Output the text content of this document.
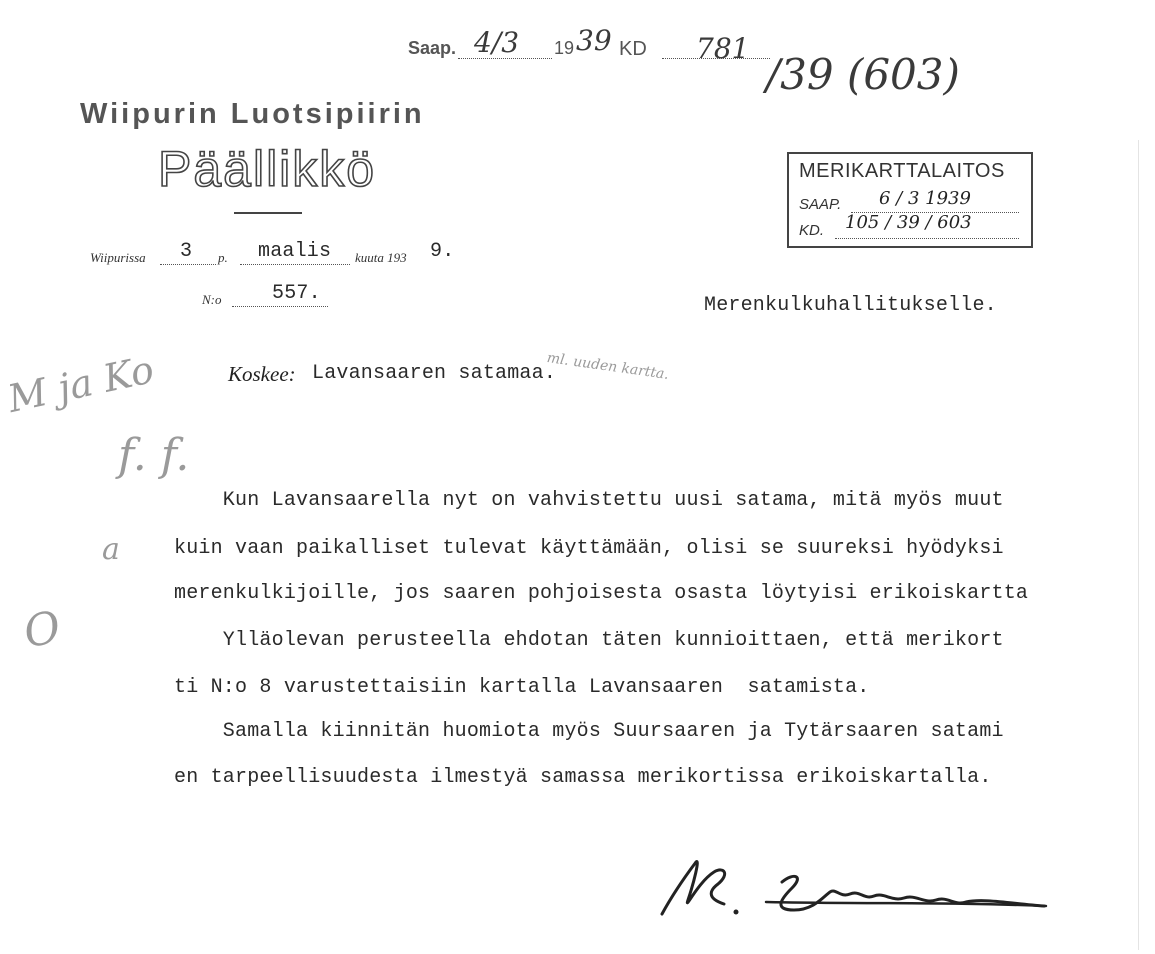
Saap. 4/3 19 39 KD 781
/39 (603)
Wiipurin Luotsipiirin
Päällikkö	MERIKARTTALAITOS
SAAP. 6 / 3 1939
KD. 105 / 39 / 603
Wiipurissa 3 p. maalis kuuta 193 9.
N:o	557.
Merenkulkuhallitukselle.
Koskee: Lavansaaren satamaa.
ml. uuden kartta.
M ja Ko
f. f.
a
O
Kun Lavansaarella nyt on vahvistettu uusi satama, mitä myös muut
kuin vaan paikalliset tulevat käyttämään, olisi se suureksi hyödyksi
merenkulkijoille, jos saaren pohjoisesta osasta löytyisi erikoiskartta
Ylläolevan perusteella ehdotan täten kunnioittaen, että merikort
ti N:o 8 varustettaisiin kartalla Lavansaaren  satamista.
Samalla kiinnitän huomiota myös Suursaaren ja Tytärsaaren satami
en tarpeellisuudesta ilmestyä samassa merikortissa erikoiskartalla.
